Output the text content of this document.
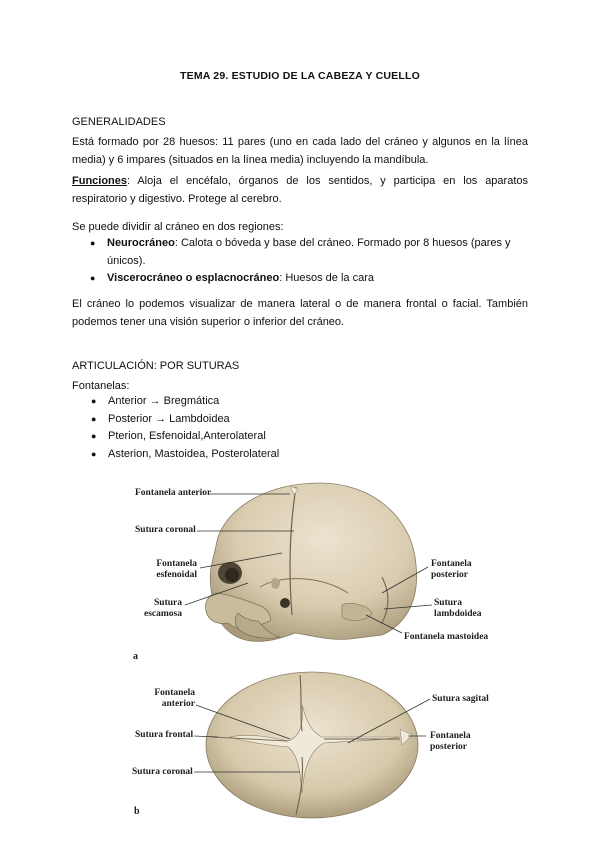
TEMA 29. ESTUDIO DE LA CABEZA Y CUELLO
GENERALIDADES
Está formado por 28 huesos: 11 pares (uno en cada lado del cráneo y algunos en la línea
media) y 6 impares (situados en la línea media) incluyendo la mandíbula.
Funciones: Aloja el encéfalo, órganos de los sentidos, y participa en los aparatos
respiratorio y digestivo. Protege al cerebro.
Se puede dividir al cráneo en dos regiones:
● Neurocráneo: Calota o bóveda y base del cráneo. Formado por 8 huesos (pares y
únicos).
● Viscerocráneo o esplacnocráneo: Huesos de la cara
El cráneo lo podemos visualizar de manera lateral o de manera frontal o facial. También
podemos tener una visión superior o inferior del cráneo.
ARTICULACIÓN: POR SUTURAS
Fontanelas:
● Anterior → Bregmática
● Posterior → Lambdoidea
● Pterion, Esfenoidal,Anterolateral
● Asterion, Mastoidea, Posterolateral
Fontanela anterior
Sutura coronal
Fontanela
esfenoidal
Sutura
escamosa
Fontanela
posterior
Sutura
lambdoidea
Fontanela mastoidea
a
Fontanela
anterior
Sutura frontal
Sutura coronal
Sutura sagital
Fontanela
posterior
b
